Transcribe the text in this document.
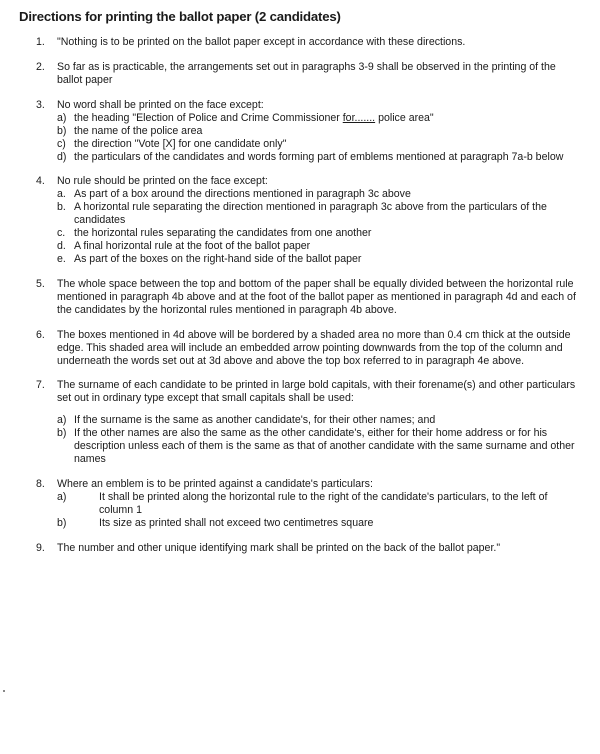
Directions for printing the ballot paper (2 candidates)
1. "Nothing is to be printed on the ballot paper except in accordance with these directions.
2. So far as is practicable, the arrangements set out in paragraphs 3-9 shall be observed in the printing of the ballot paper
3. No word shall be printed on the face except:
a) the heading "Election of Police and Crime Commissioner for....... police area"
b) the name of the police area
c) the direction "Vote [X] for one candidate only"
d) the particulars of the candidates and words forming part of emblems mentioned at paragraph 7a-b below
4. No rule should be printed on the face except:
a. As part of a box around the directions mentioned in paragraph 3c above
b. A horizontal rule separating the direction mentioned in paragraph 3c above from the particulars of the candidates
c. the horizontal rules separating the candidates from one another
d. A final horizontal rule at the foot of the ballot paper
e. As part of the boxes on the right-hand side of the ballot paper
5. The whole space between the top and bottom of the paper shall be equally divided between the horizontal rule mentioned in paragraph 4b above and at the foot of the ballot paper as mentioned in paragraph 4d and each of the candidates by the horizontal rules mentioned in paragraph 4b above.
6. The boxes mentioned in 4d above will be bordered by a shaded area no more than 0.4 cm thick at the outside edge. This shaded area will include an embedded arrow pointing downwards from the top of the column and underneath the words set out at 3d above and above the top box referred to in paragraph 4e above.
7. The surname of each candidate to be printed in large bold capitals, with their forename(s) and other particulars set out in ordinary type except that small capitals shall be used:
a) If the surname is the same as another candidate's, for their other names; and
b) If the other names are also the same as the other candidate's, either for their home address or for his description unless each of them is the same as that of another candidate with the same surname and other names
8. Where an emblem is to be printed against a candidate's particulars:
a)	It shall be printed along the horizontal rule to the right of the candidate's particulars, to the left of column 1
b)	Its size as printed shall not exceed two centimetres square
9. The number and other unique identifying mark shall be printed on the back of the ballot paper."
